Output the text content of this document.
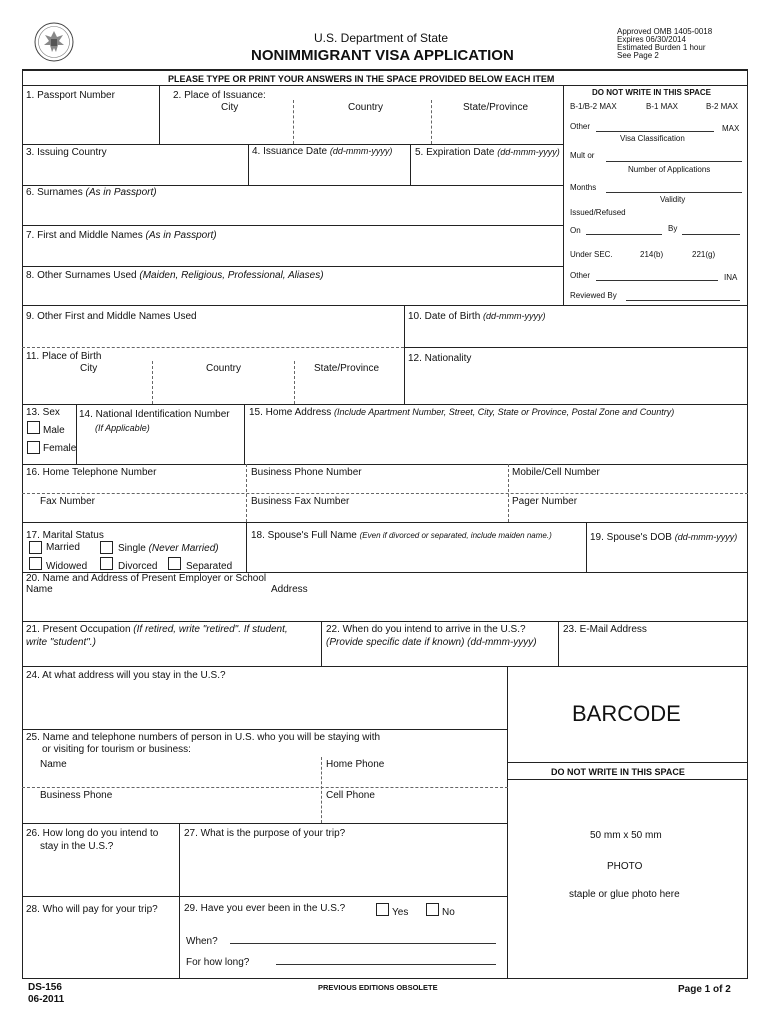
U.S. Department of State
NONIMMIGRANT VISA APPLICATION
Approved OMB 1405-0018
Expires 06/30/2014
Estimated Burden 1 hour
See Page 2
PLEASE TYPE OR PRINT YOUR ANSWERS IN THE SPACE PROVIDED BELOW EACH ITEM
DO NOT WRITE IN THIS SPACE
B-1/B-2 MAX	B-1 MAX	B-2 MAX
Other	MAX
Visa Classification
Mult or
Number of Applications
Months
Validity
Issued/Refused
On	By
Under SEC.	214(b)	221(g)
Other	INA
Reviewed By
1. Passport Number	2. Place of Issuance:
City	Country	State/Province
3. Issuing Country	4. Issuance Date (dd-mmm-yyyy) 5. Expiration Date (dd-mmm-yyyy)
6. Surnames (As in Passport)
7. First and Middle Names (As in Passport)
8. Other Surnames Used (Maiden, Religious, Professional, Aliases)
9. Other First and Middle Names Used	10. Date of Birth (dd-mmm-yyyy)
11. Place of Birth
City	Country	State/Province
12. Nationality
13. Sex
Male
Female
14. National Identification Number
(If Applicable)
15. Home Address (Include Apartment Number, Street, City, State or Province, Postal Zone and Country)
16. Home Telephone Number	Business Phone Number	Mobile/Cell Number
Fax Number	Business Fax Number	Pager Number
17. Marital Status
Married	Single (Never Married)
Widowed	Divorced	Separated
18. Spouse's Full Name (Even if divorced or separated, include maiden name.)	19. Spouse's DOB (dd-mmm-yyyy)
20. Name and Address of Present Employer or School
Name	Address
21. Present Occupation (If retired, write "retired". If student,
write "student".)
22. When do you intend to arrive in the U.S.?
(Provide specific date if known) (dd-mmm-yyyy)
23. E-Mail Address
24. At what address will you stay in the U.S.?
BARCODE
DO NOT WRITE IN THIS SPACE
25. Name and telephone numbers of person in U.S. who you will be staying with
or visiting for tourism or business:
Name	Home Phone
Business Phone	Cell Phone
26. How long do you intend to
stay in the U.S.?
27. What is the purpose of your trip?	50 mm x 50 mm
PHOTO
staple or glue photo here
28. Who will pay for your trip?	29. Have you ever been in the U.S.?	Yes	No
When?
For how long?
DS-156
06-2011
PREVIOUS EDITIONS OBSOLETE	Page 1 of 2
